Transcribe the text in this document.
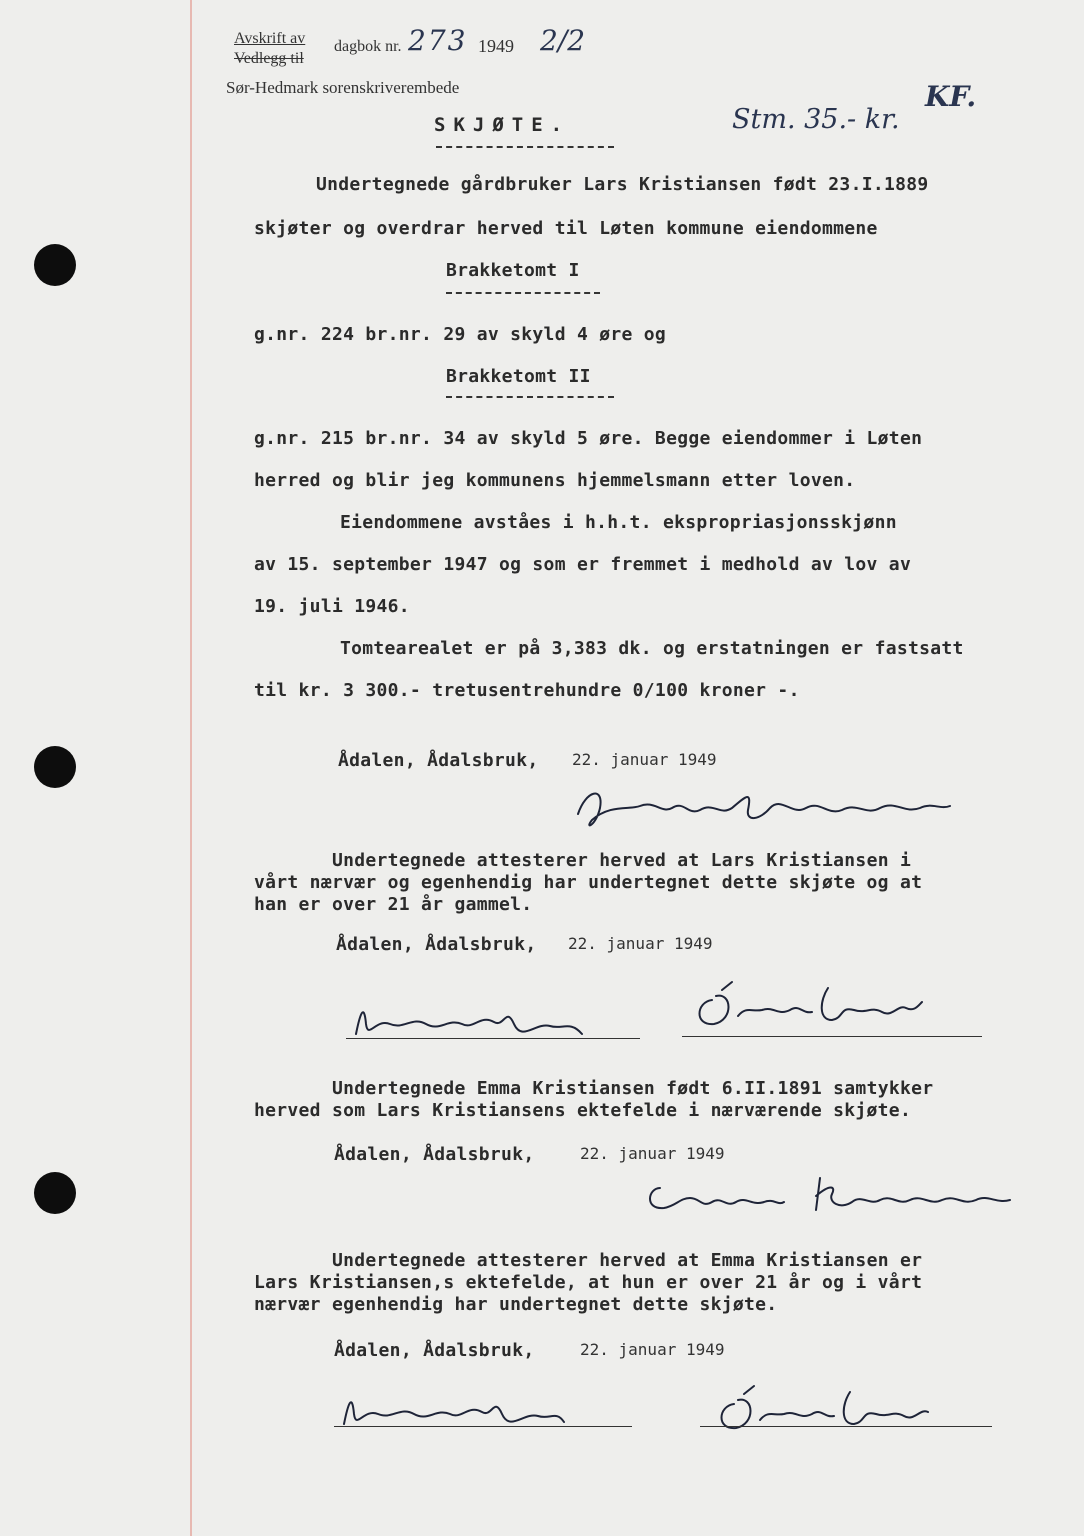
Avskrift av
Vedlegg til
dagbok nr. 273 1949 2/2
Sør-Hedmark sorenskriverembede
Stm. 35.- kr.
KF.
SKJØTE.
Undertegnede gårdbruker Lars Kristiansen født 23.I.1889
skjøter og overdrar herved til Løten kommune eiendommene
Brakketomt I
g.nr. 224 br.nr. 29 av skyld 4 øre og
Brakketomt II
g.nr. 215 br.nr. 34 av skyld 5 øre. Begge eiendommer i Løten
herred og blir jeg kommunens hjemmelsmann etter loven.
Eiendommene avståes i h.h.t. ekspropriasjonsskjønn
av 15. september 1947 og som er fremmet i medhold av lov av
19. juli 1946.
Tomtearealet er på 3,383 dk. og erstatningen er fastsatt
til kr. 3 300.- tretusentrehundre 0/100 kroner -.
Ådalen, Ådalsbruk, 22. januar 1949
Undertegnede attesterer herved at Lars Kristiansen i
vårt nærvær og egenhendig har undertegnet dette skjøte og at
han er over 21 år gammel.
Ådalen, Ådalsbruk, 22. januar 1949
Undertegnede Emma Kristiansen født 6.II.1891 samtykker
herved som Lars Kristiansens ektefelde i nærværende skjøte.
Ådalen, Ådalsbruk,	22. januar 1949
Undertegnede attesterer herved at Emma Kristiansen er
Lars Kristiansen,s ektefelde, at hun er over 21 år og i vårt
nærvær egenhendig har undertegnet dette skjøte.
Ådalen, Ådalsbruk,	22. januar 1949
